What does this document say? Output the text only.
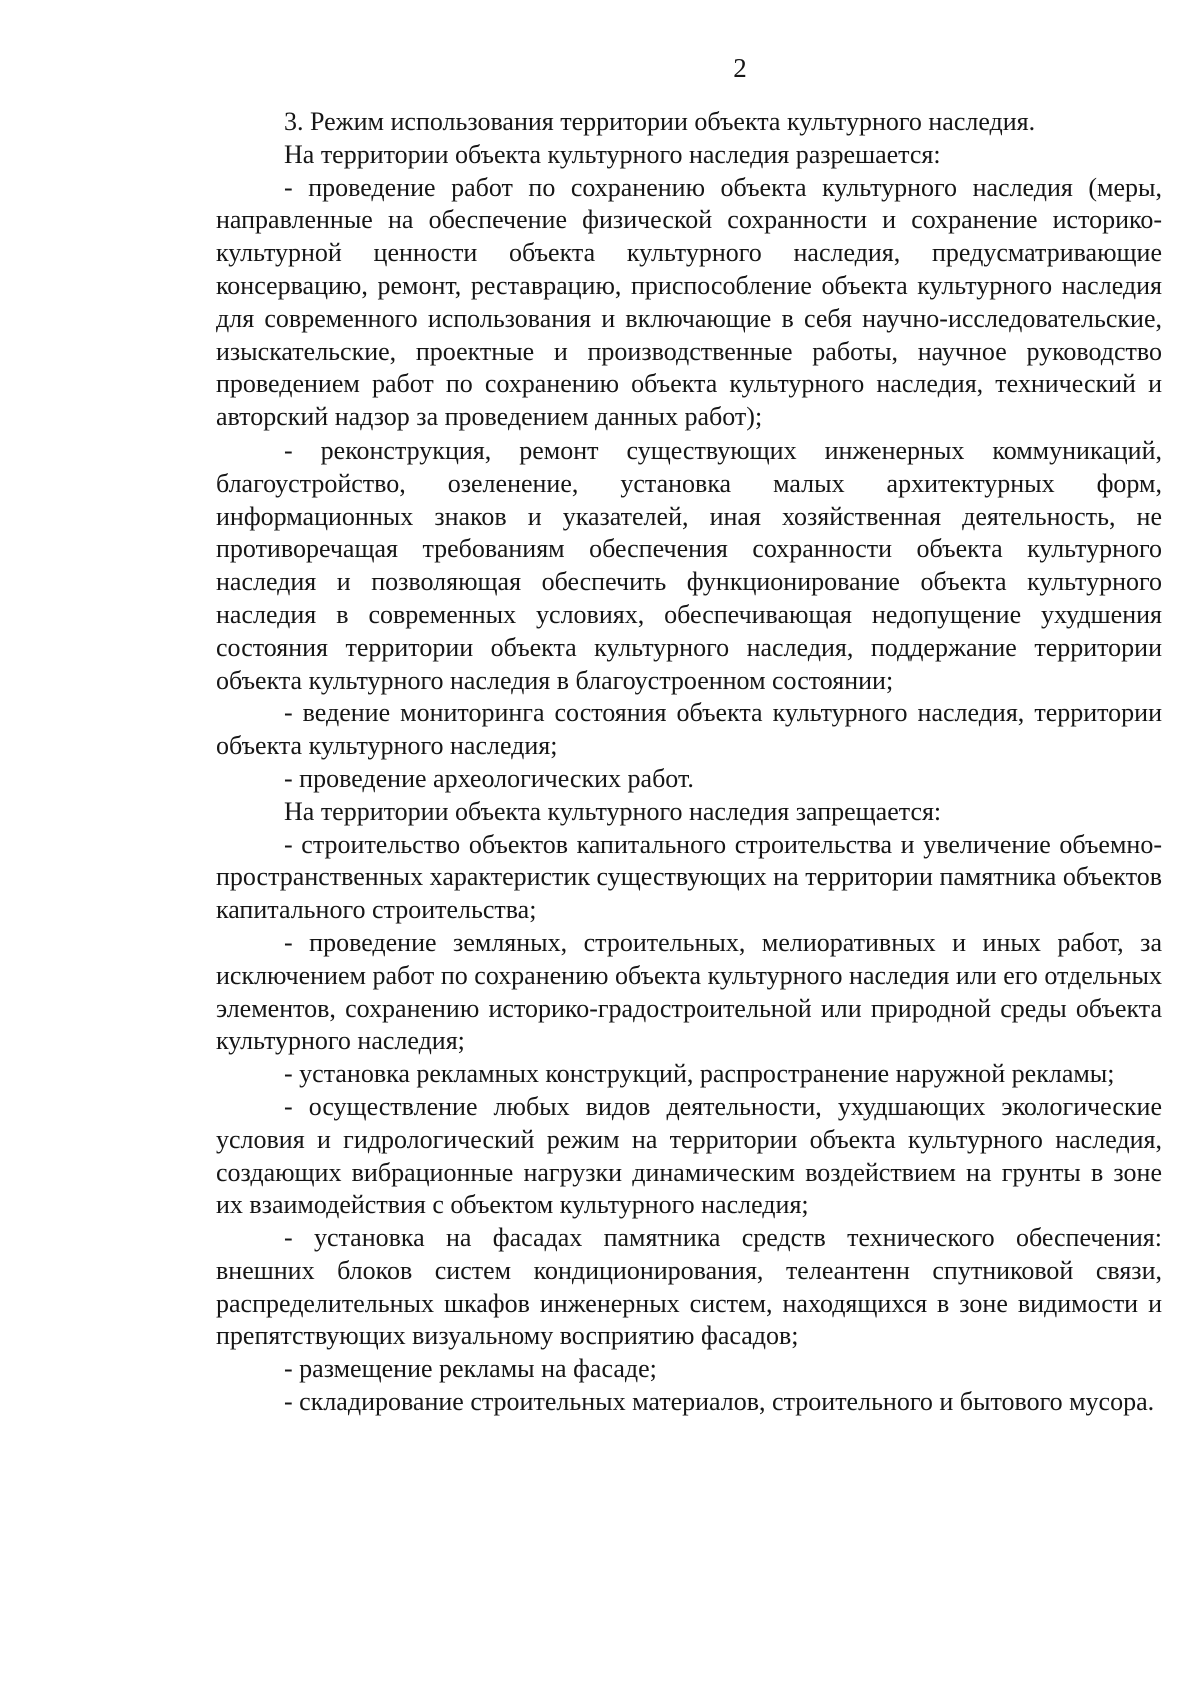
2

3. Режим использования территории объекта культурного наследия.

На территории объекта культурного наследия разрешается:

- проведение работ по сохранению объекта культурного наследия (меры, направленные на обеспечение физической сохранности и сохранение историко-культурной ценности объекта культурного наследия, предусматривающие консервацию, ремонт, реставрацию, приспособление объекта культурного наследия для современного использования и включающие в себя научно-исследовательские, изыскательские, проектные и производственные работы, научное руководство проведением работ по сохранению объекта культурного наследия, технический и авторский надзор за проведением данных работ);

- реконструкция, ремонт существующих инженерных коммуникаций, благоустройство, озеленение, установка малых архитектурных форм, информационных знаков и указателей, иная хозяйственная деятельность, не противоречащая требованиям обеспечения сохранности объекта культурного наследия и позволяющая обеспечить функционирование объекта культурного наследия в современных условиях, обеспечивающая недопущение ухудшения состояния территории объекта культурного наследия, поддержание территории объекта культурного наследия в благоустроенном состоянии;

- ведение мониторинга состояния объекта культурного наследия, территории объекта культурного наследия;

- проведение археологических работ.

На территории объекта культурного наследия запрещается:

- строительство объектов капитального строительства и увеличение объемно-пространственных характеристик существующих на территории памятника объектов капитального строительства;

- проведение земляных, строительных, мелиоративных и иных работ, за исключением работ по сохранению объекта культурного наследия или его отдельных элементов, сохранению историко-градостроительной или природной среды объекта культурного наследия;

- установка рекламных конструкций, распространение наружной рекламы;

- осуществление любых видов деятельности, ухудшающих экологические условия и гидрологический режим на территории объекта культурного наследия, создающих вибрационные нагрузки динамическим воздействием на грунты в зоне их взаимодействия с объектом культурного наследия;

- установка на фасадах памятника средств технического обеспечения: внешних блоков систем кондиционирования, телеантенн спутниковой связи, распределительных шкафов инженерных систем, находящихся в зоне видимости и препятствующих визуальному восприятию фасадов;

- размещение рекламы на фасаде;

- складирование строительных материалов, строительного и бытового мусора.
